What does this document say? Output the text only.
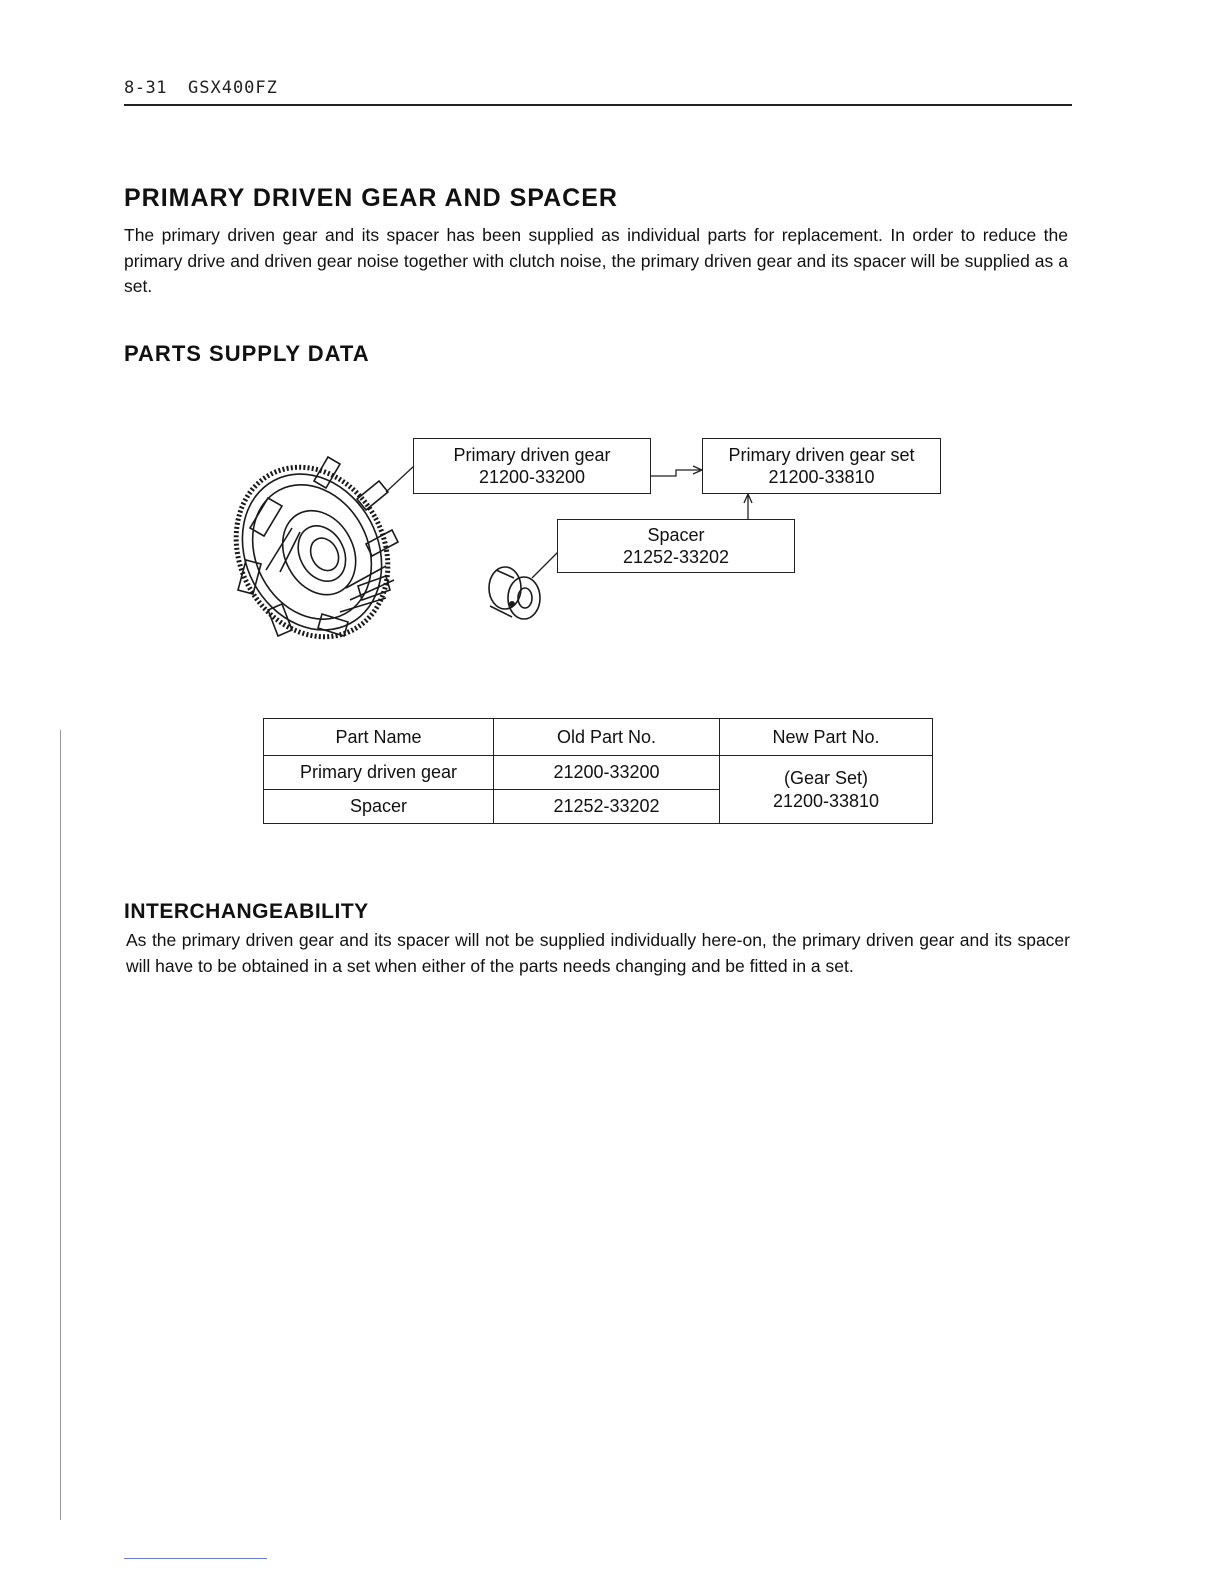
8-31 GSX400FZ
PRIMARY DRIVEN GEAR AND SPACER
The primary driven gear and its spacer has been supplied as individual parts for replacement. In order to reduce the primary drive and driven gear noise together with clutch noise, the primary driven gear and its spacer will be supplied as a set.
PARTS SUPPLY DATA
Primary driven gear
21200-33200
Primary driven gear set
21200-33810
Spacer
21252-33202
Part Name	Old Part No.	New Part No.
Primary driven gear	21200-33200	(Gear Set)
21200-33810

Spacer	21252-33202	
INTERCHANGEABILITY
As the primary driven gear and its spacer will not be supplied individually here-on, the primary driven gear and its spacer will have to be obtained in a set when either of the parts needs changing and be fitted in a set.
